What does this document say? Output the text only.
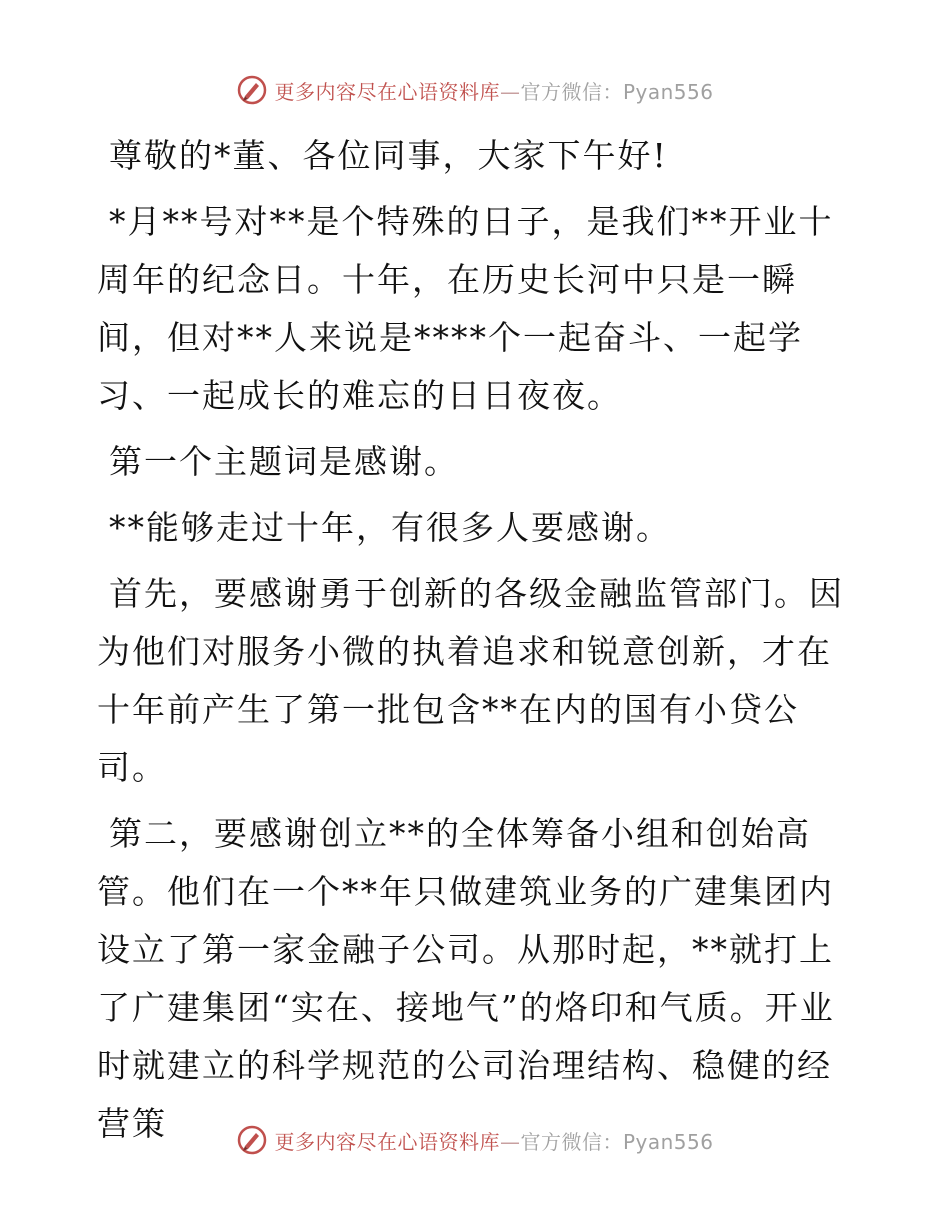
更多内容尽在心语资料库—官方微信：Pyan556

尊敬的*董、各位同事，大家下午好!

*月**号对**是个特殊的日子，是我们**开业十周年的纪念日。十年，在历史长河中只是一瞬间，但对**人来说是****个一起奋斗、一起学习、一起成长的难忘的日日夜夜。

第一个主题词是感谢。

**能够走过十年，有很多人要感谢。

首先，要感谢勇于创新的各级金融监管部门。因为他们对服务小微的执着追求和锐意创新，才在十年前产生了第一批包含**在内的国有小贷公司。

第二，要感谢创立**的全体筹备小组和创始高管。他们在一个**年只做建筑业务的广建集团内设立了第一家金融子公司。从那时起，**就打上了广建集团“实在、接地气”的烙印和气质。开业时就建立的科学规范的公司治理结构、稳健的经营策	更多内容尽在心语资料库—官方微信：Pyan556
